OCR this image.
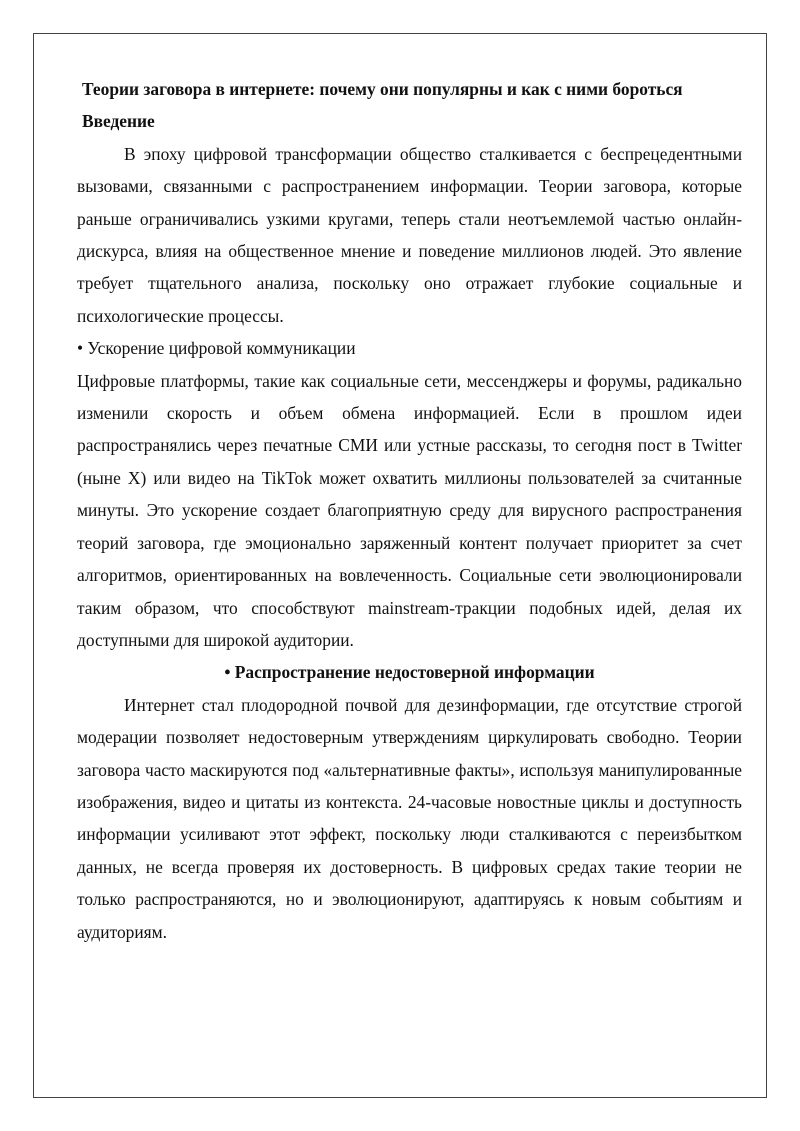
Теории заговора в интернете: почему они популярны и как с ними бороться
Введение

В эпоху цифровой трансформации общество сталкивается с беспрецедентными вызовами, связанными с распространением информации. Теории заговора, которые раньше ограничивались узкими кругами, теперь стали неотъемлемой частью онлайн-дискурса, влияя на общественное мнение и поведение миллионов людей. Это явление требует тщательного анализа, поскольку оно отражает глубокие социальные и психологические процессы.

• Ускорение цифровой коммуникации

Цифровые платформы, такие как социальные сети, мессенджеры и форумы, радикально изменили скорость и объем обмена информацией. Если в прошлом идеи распространялись через печатные СМИ или устные рассказы, то сегодня пост в Twitter (ныне X) или видео на TikTok может охватить миллионы пользователей за считанные минуты. Это ускорение создает благоприятную среду для вирусного распространения теорий заговора, где эмоционально заряженный контент получает приоритет за счет алгоритмов, ориентированных на вовлеченность. Социальные сети эволюционировали таким образом, что способствуют mainstream-тракции подобных идей, делая их доступными для широкой аудитории.

• Распространение недостоверной информации

Интернет стал плодородной почвой для дезинформации, где отсутствие строгой модерации позволяет недостоверным утверждениям циркулировать свободно. Теории заговора часто маскируются под «альтернативные факты», используя манипулированные изображения, видео и цитаты из контекста. 24-часовые новостные циклы и доступность информации усиливают этот эффект, поскольку люди сталкиваются с переизбытком данных, не всегда проверяя их достоверность. В цифровых средах такие теории не только распространяются, но и эволюционируют, адаптируясь к новым событиям и аудиториям.
